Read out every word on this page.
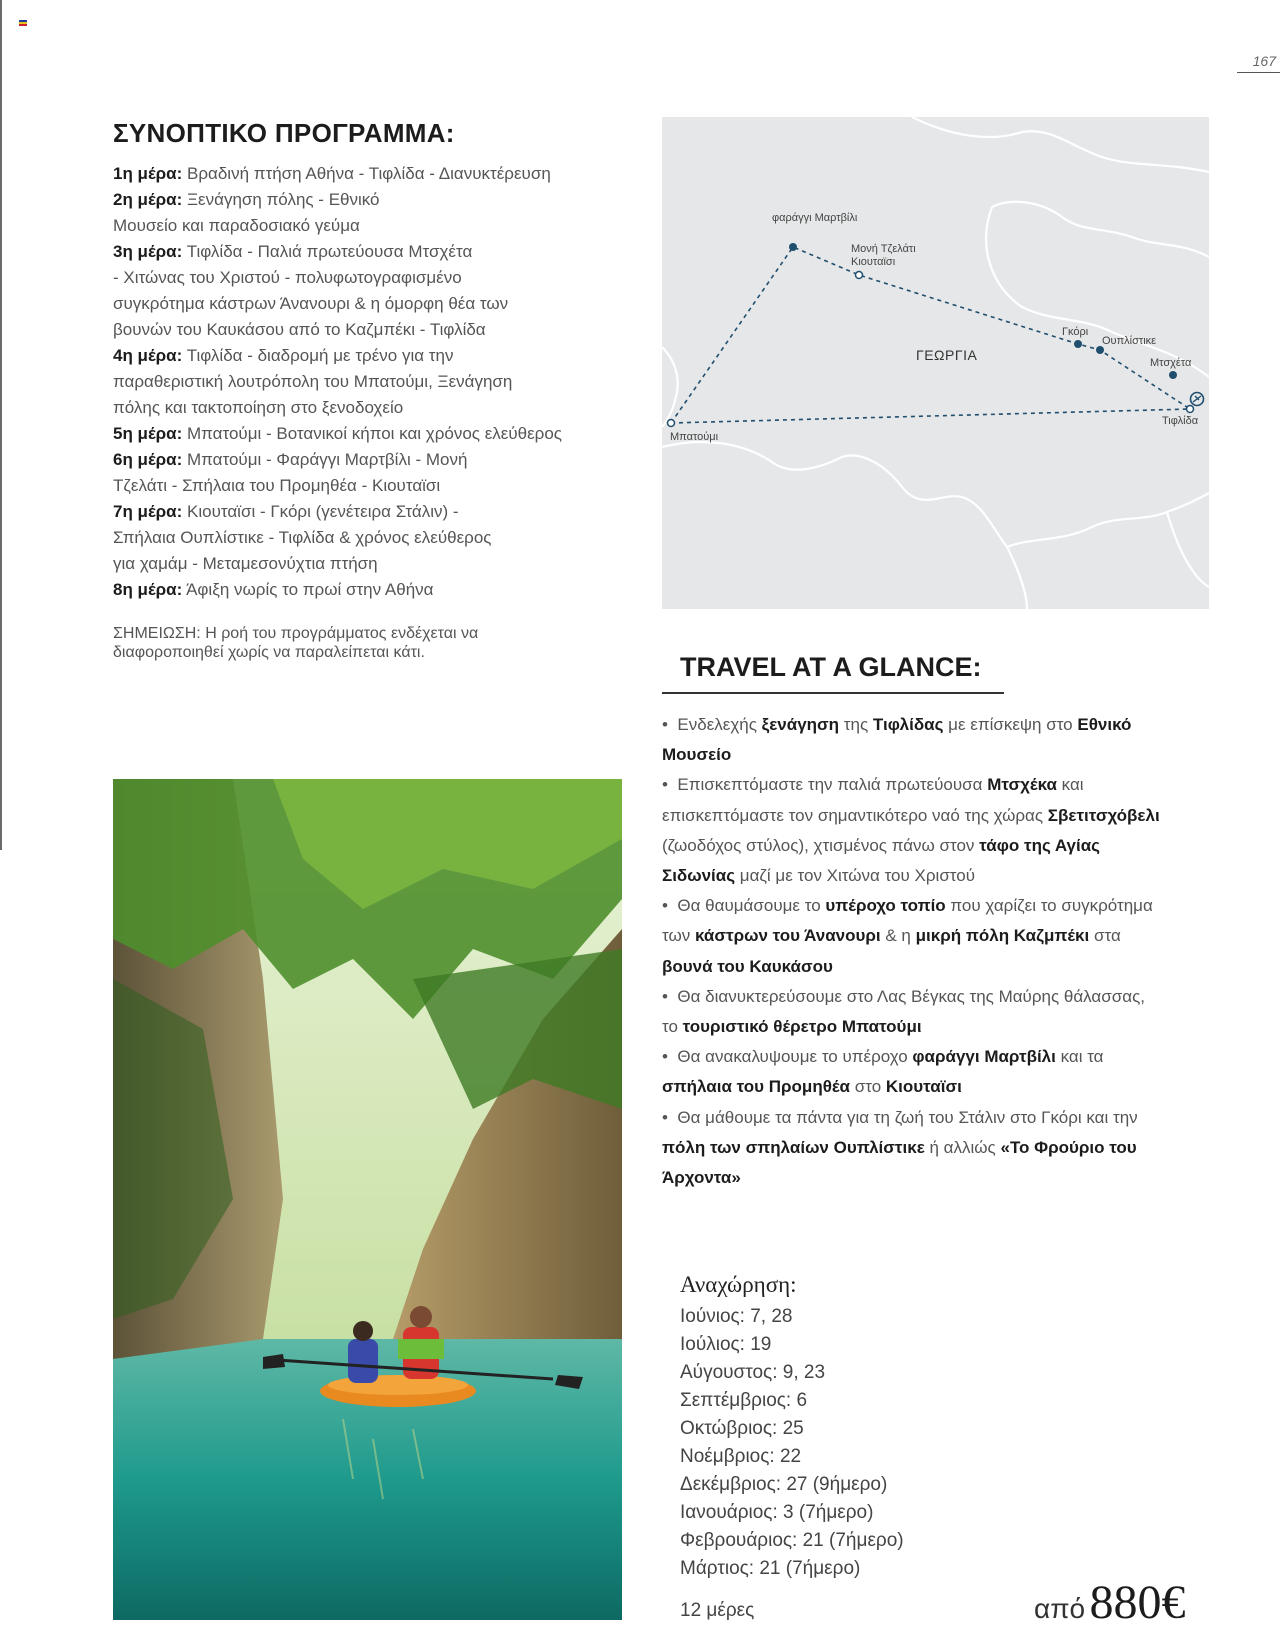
167
ΣΥΝΟΠΤΙΚΟ ΠΡΟΓΡΑΜΜΑ:
1η μέρα: Βραδινή πτήση Αθήνα - Τιφλίδα - Διανυκτέρευση
2η μέρα: Ξενάγηση πόλης - Εθνικό
Μουσείο και παραδοσιακό γεύμα
3η μέρα: Τιφλίδα - Παλιά πρωτεύουσα Μτσχέτα
- Χιτώνας του Χριστού - πολυφωτογραφισμένο
συγκρότημα κάστρων Άνανουρι & η όμορφη θέα των
βουνών του Καυκάσου από το Καζμπέκι - Τιφλίδα
4η μέρα: Τιφλίδα - διαδρομή με τρένο για την
παραθεριστική λουτρόπολη του Μπατούμι, Ξενάγηση
πόλης και τακτοποίηση στο ξενοδοχείο
5η μέρα: Μπατούμι - Βοτανικοί κήποι και χρόνος ελεύθερος
6η μέρα: Μπατούμι - Φαράγγι Μαρτβίλι - Μονή
Τζελάτι - Σπήλαια του Προμηθέα - Κιουταϊσι
7η μέρα: Κιουταϊσι - Γκόρι (γενέτειρα Στάλιν) -
Σπήλαια Ουπλίστικε - Τιφλίδα & χρόνος ελεύθερος
για χαμάμ - Μεταμεσονύχτια πτήση
8η μέρα: Άφιξη νωρίς το πρωί στην Αθήνα
ΣΗΜΕΙΩΣΗ: Η ροή του προγράμματος ενδέχεται να διαφοροποιηθεί χωρίς να παραλείπεται κάτι.
φαράγγι Μαρτβίλι
Μονή Τζελάτι Κιουταϊσι
Γκόρι
Ουπλίστικε
Μτσχέτα
Τιφλίδα
Μπατούμι
ΓΕΩΡΓΙΑ
TRAVEL AT A GLANCE:
•  Ενδελεχής ξενάγηση της Τιφλίδας με επίσκεψη στο Εθνικό Μουσείο
•  Επισκεπτόμαστε την παλιά πρωτεύουσα Μτσχέκα και επισκεπτόμαστε τον σημαντικότερο ναό της χώρας Σβετιτσχόβελι (ζωοδόχος στύλος), χτισμένος πάνω στον τάφο της Αγίας Σιδωνίας μαζί με τον Χιτώνα του Χριστού
•  Θα θαυμάσουμε το υπέροχο τοπίο που χαρίζει το συγκρότημα των κάστρων του Άνανουρι & η μικρή πόλη Καζμπέκι στα βουνά του Καυκάσου
•  Θα διανυκτερεύσουμε στο Λας Βέγκας της Μαύρης θάλασσας, το τουριστικό θέρετρο Μπατούμι
•  Θα ανακαλυψουμε το υπέροχο φαράγγι Μαρτβίλι και τα σπήλαια του Προμηθέα στο Κιουταϊσι
•  Θα μάθουμε τα πάντα για τη ζωή του Στάλιν στο Γκόρι και την πόλη των σπηλαίων Ουπλίστικε ή αλλιώς «Το Φρούριο του Άρχοντα»
Αναχώρηση:
Ιούνιος: 7, 28
Ιούλιος: 19
Αύγουστος: 9, 23
Σεπτέμβριος: 6
Οκτώβριος: 25
Νοέμβριος: 22
Δεκέμβριος: 27 (9ήμερο)
Ιανουάριος: 3 (7ήμερο)
Φεβρουάριος: 21 (7ήμερο)
Μάρτιος: 21 (7ήμερο)
12 μέρες	από 880€
